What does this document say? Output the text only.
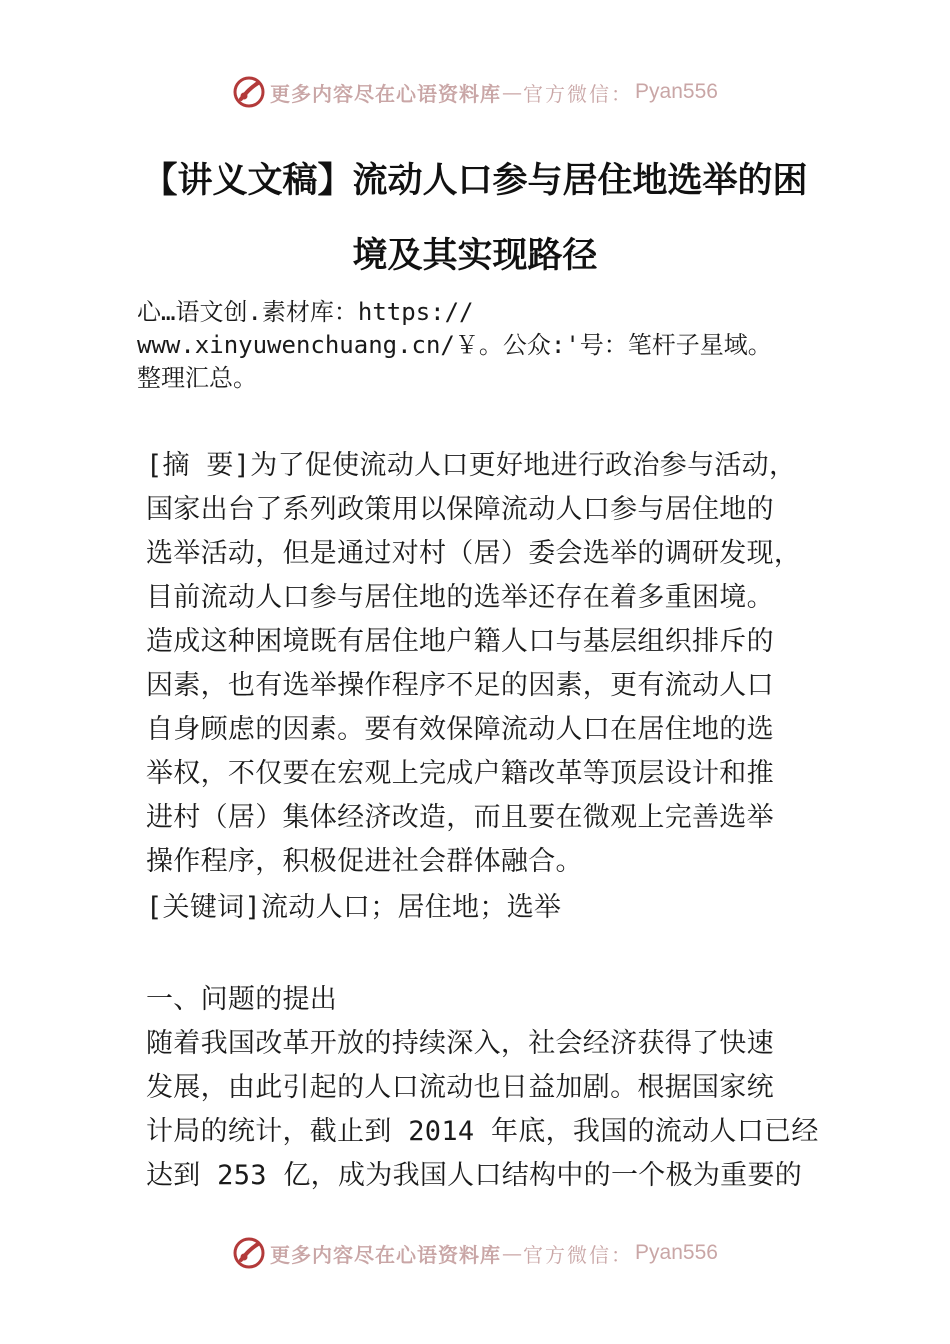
更多内容尽在心语资料库 — 官方微信： Pyan556
【讲义文稿】流动人口参与居住地选举的困
境及其实现路径
心…语文创.素材库：https://
www.xinyuwenchuang.cn/￥。公众:'号：笔杆子星域。
整理汇总。
[摘 要]为了促使流动人口更好地进行政治参与活动，
国家出台了系列政策用以保障流动人口参与居住地的
选举活动，但是通过对村（居）委会选举的调研发现，
目前流动人口参与居住地的选举还存在着多重困境。
造成这种困境既有居住地户籍人口与基层组织排斥的
因素，也有选举操作程序不足的因素，更有流动人口
自身顾虑的因素。要有效保障流动人口在居住地的选
举权，不仅要在宏观上完成户籍改革等顶层设计和推
进村（居）集体经济改造，而且要在微观上完善选举
操作程序，积极促进社会群体融合。
[关键词]流动人口；居住地；选举
一、问题的提出
随着我国改革开放的持续深入，社会经济获得了快速
发展，由此引起的人口流动也日益加剧。根据国家统
计局的统计，截止到 2014 年底，我国的流动人口已经
达到 253 亿，成为我国人口结构中的一个极为重要的
更多内容尽在心语资料库 — 官方微信： Pyan556
